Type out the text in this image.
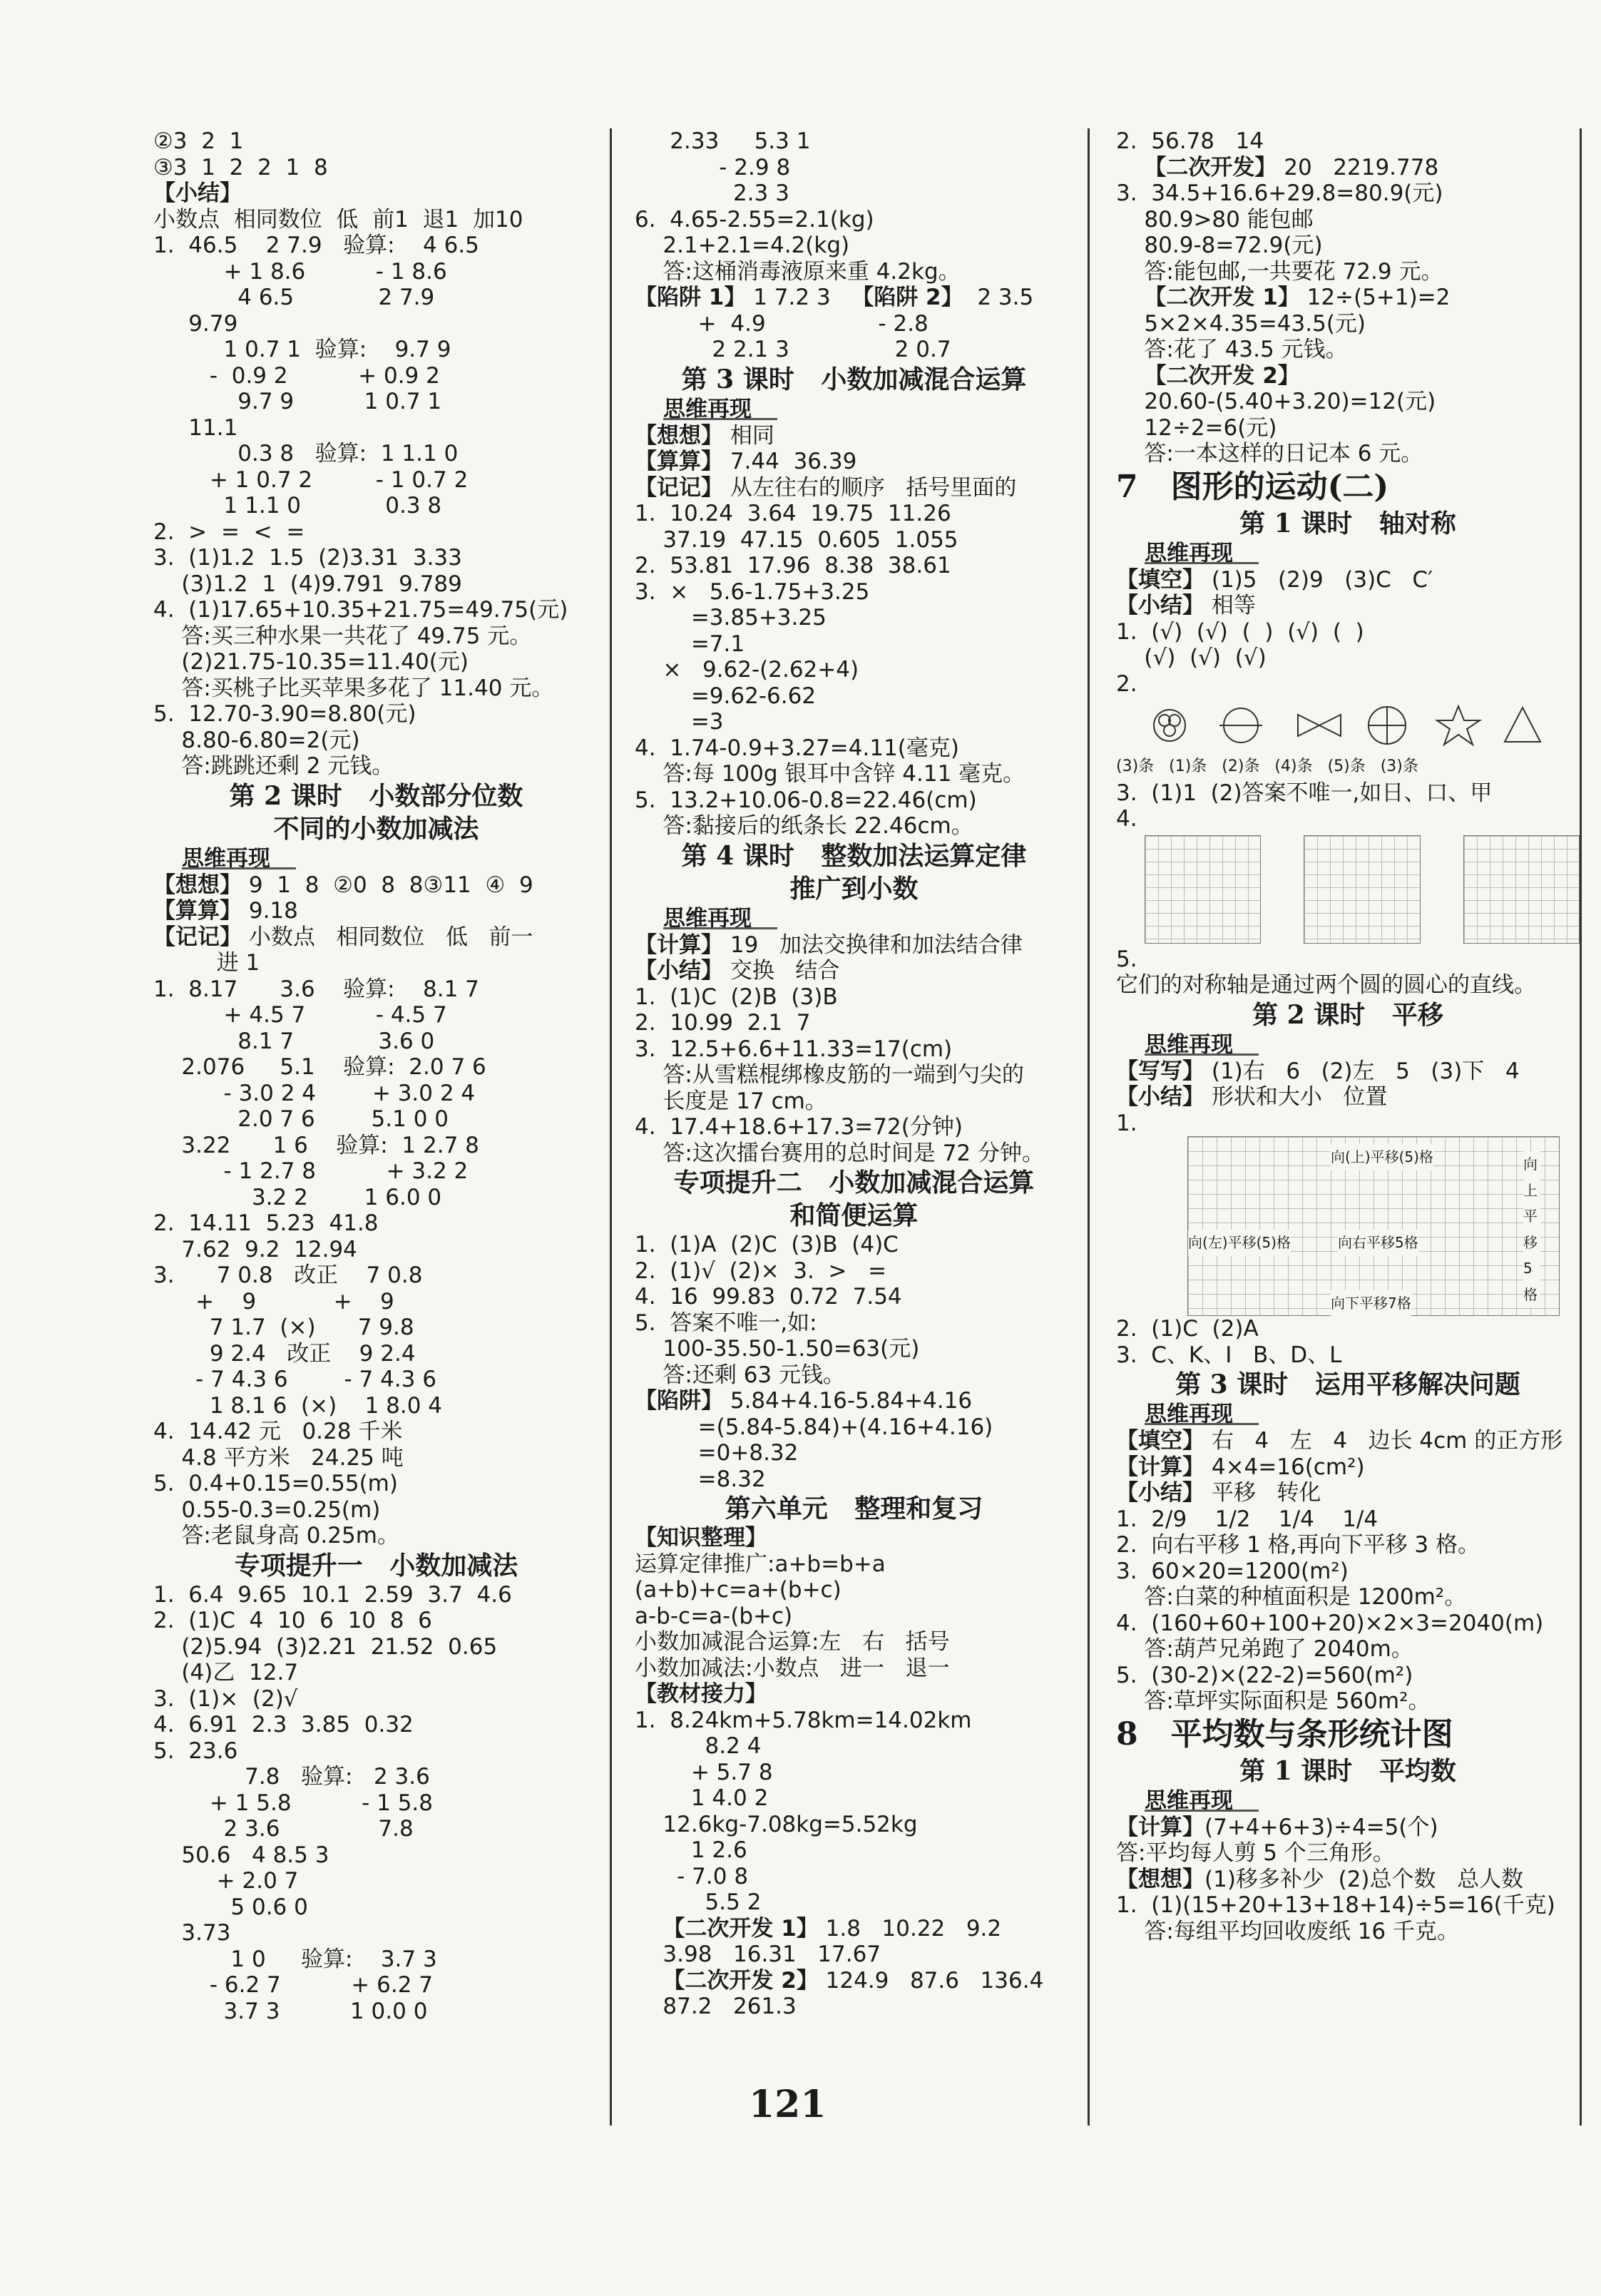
②3  2  1
③3  1  2  2  1  8
【小结】
小数点  相同数位  低  前1  退1  加10
1.  46.5    2 7.9   验算:    4 6.5
+ 1 8.6          - 1 8.6
4 6.5            2 7.9
9.79
1 0.7 1  验算:    9.7 9
-  0.9 2          + 0.9 2
9.7 9          1 0.7 1
11.1
0.3 8   验算:  1 1.1 0
+ 1 0.7 2         - 1 0.7 2
1 1.1 0            0.3 8
2.  >  =  <  =
3.  (1)1.2  1.5  (2)3.31  3.33
(3)1.2  1  (4)9.791  9.789
4.  (1)17.65+10.35+21.75=49.75(元)
答:买三种水果一共花了 49.75 元。
(2)21.75-10.35=11.40(元)
答:买桃子比买苹果多花了 11.40 元。
5.  12.70-3.90=8.80(元)
8.80-6.80=2(元)
答:跳跳还剩 2 元钱。
第 2 课时   小数部分位数
不同的小数加减法
思维再现
【想想】 9  1  8  ②0  8  8③11  ④  9
【算算】 9.18
【记记】 小数点   相同数位   低   前一
进 1
1.  8.17      3.6    验算:    8.1 7
+ 4.5 7          - 4.5 7
8.1 7            3.6 0
2.076     5.1    验算:  2.0 7 6
- 3.0 2 4        + 3.0 2 4
2.0 7 6        5.1 0 0
3.22      1 6    验算:  1 2.7 8
- 1 2.7 8          + 3.2 2
3.2 2        1 6.0 0
2.  14.11  5.23  41.8
7.62  9.2  12.94
3.      7 0.8   改正    7 0.8
+    9           +    9
7 1.7  (×)      7 9.8
9 2.4   改正    9 2.4
- 7 4.3 6        - 7 4.3 6
1 8.1 6  (×)    1 8.0 4
4.  14.42 元   0.28 千米
4.8 平方米   24.25 吨
5.  0.4+0.15=0.55(m)
0.55-0.3=0.25(m)
答:老鼠身高 0.25m。
专项提升一   小数加减法
1.  6.4  9.65  10.1  2.59  3.7  4.6
2.  (1)C  4  10  6  10  8  6
(2)5.94  (3)2.21  21.52  0.65
(4)乙  12.7
3.  (1)×  (2)√
4.  6.91  2.3  3.85  0.32
5.  23.6
7.8   验算:   2 3.6
+ 1 5.8          - 1 5.8
2 3.6              7.8
50.6   4 8.5 3
+ 2.0 7
5 0.6 0
3.73
1 0     验算:    3.7 3
- 6.2 7          + 6.2 7
3.7 3          1 0.0 0
2.33     5.3 1
- 2.9 8
2.3 3
6.  4.65-2.55=2.1(kg)
2.1+2.1=4.2(kg)
答:这桶消毒液原来重 4.2kg。
【陷阱 1】 1 7.2 3   【陷阱 2】  2 3.5
+  4.9                - 2.8
2 2.1 3               2 0.7
第 3 课时   小数加减混合运算
思维再现
【想想】 相同
【算算】 7.44  36.39
【记记】 从左往右的顺序   括号里面的
1.  10.24  3.64  19.75  11.26
37.19  47.15  0.605  1.055
2.  53.81  17.96  8.38  38.61
3.  ×   5.6-1.75+3.25
=3.85+3.25
=7.1
×   9.62-(2.62+4)
=9.62-6.62
=3
4.  1.74-0.9+3.27=4.11(毫克)
答:每 100g 银耳中含锌 4.11 毫克。
5.  13.2+10.06-0.8=22.46(cm)
答:黏接后的纸条长 22.46cm。
第 4 课时   整数加法运算定律
推广到小数
思维再现
【计算】 19   加法交换律和加法结合律
【小结】 交换   结合
1.  (1)C  (2)B  (3)B
2.  10.99  2.1  7
3.  12.5+6.6+11.33=17(cm)
答:从雪糕棍绑橡皮筋的一端到勺尖的
长度是 17 cm。
4.  17.4+18.6+17.3=72(分钟)
答:这次擂台赛用的总时间是 72 分钟。
专项提升二   小数加减混合运算
和简便运算
1.  (1)A  (2)C  (3)B  (4)C
2.  (1)√  (2)×  3.  >   =
4.  16  99.83  0.72  7.54
5.  答案不唯一,如:
100-35.50-1.50=63(元)
答:还剩 63 元钱。
【陷阱】 5.84+4.16-5.84+4.16
=(5.84-5.84)+(4.16+4.16)
=0+8.32
=8.32
第六单元   整理和复习
【知识整理】
运算定律推广:a+b=b+a
(a+b)+c=a+(b+c)
a-b-c=a-(b+c)
小数加减混合运算:左   右   括号
小数加减法:小数点   进一   退一
【教材接力】
1.  8.24km+5.78km=14.02km
8.2 4
+ 5.7 8
1 4.0 2
12.6kg-7.08kg=5.52kg
1 2.6
- 7.0 8
5.5 2
【二次开发 1】 1.8   10.22   9.2
3.98   16.31   17.67
【二次开发 2】 124.9   87.6   136.4
87.2   261.3
2.  56.78   14
【二次开发】 20   2219.778
3.  34.5+16.6+29.8=80.9(元)
80.9>80 能包邮
80.9-8=72.9(元)
答:能包邮,一共要花 72.9 元。
【二次开发 1】 12÷(5+1)=2
5×2×4.35=43.5(元)
答:花了 43.5 元钱。
【二次开发 2】
20.60-(5.40+3.20)=12(元)
12÷2=6(元)
答:一本这样的日记本 6 元。
7   图形的运动(二)
第 1 课时   轴对称
思维再现
【填空】 (1)5   (2)9   (3)C   C′
【小结】 相等
1.  (√)  (√)  (  )  (√)  (  )
(√)  (√)  (√)
2.
(3)条   (1)条   (2)条   (4)条   (5)条   (3)条
3.  (1)1  (2)答案不唯一,如日、口、甲
4.
5.
它们的对称轴是通过两个圆的圆心的直线。
第 2 课时   平移
思维再现
【写写】 (1)右   6   (2)左   5   (3)下   4
【小结】 形状和大小   位置
1.
向(上)平移(5)格	向上平移5格
向(左)平移(5)格	向右平移5格
向下平移7格
2.  (1)C  (2)A
3.  C、K、I   B、D、L
第 3 课时   运用平移解决问题
思维再现
【填空】 右   4   左   4   边长 4cm 的正方形
【计算】 4×4=16(cm²)
【小结】 平移   转化
1.  2/9    1/2    1/4    1/4
2.  向右平移 1 格,再向下平移 3 格。
3.  60×20=1200(m²)
答:白菜的种植面积是 1200m²。
4.  (160+60+100+20)×2×3=2040(m)
答:葫芦兄弟跑了 2040m。
5.  (30-2)×(22-2)=560(m²)
答:草坪实际面积是 560m²。
8   平均数与条形统计图
第 1 课时   平均数
思维再现
【计算】(7+4+6+3)÷4=5(个)
答:平均每人剪 5 个三角形。
【想想】(1)移多补少  (2)总个数   总人数
1.  (1)(15+20+13+18+14)÷5=16(千克)
答:每组平均回收废纸 16 千克。
121
